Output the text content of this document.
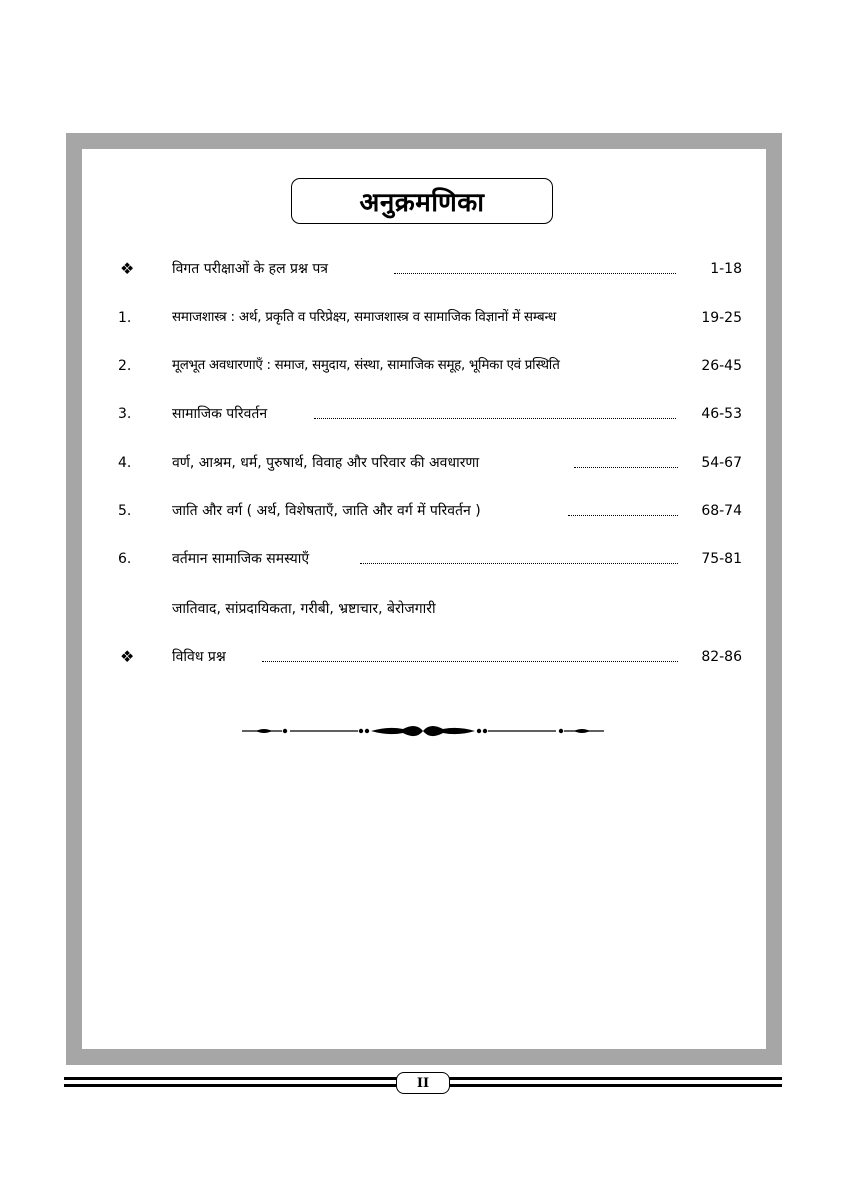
अनुक्रमणिका
❖	विगत परीक्षाओं के हल प्रश्न पत्र	1-18
1.	समाजशास्त्र : अर्थ, प्रकृति व परिप्रेक्ष्य, समाजशास्त्र व सामाजिक विज्ञानों में सम्बन्ध	19-25
2.	मूलभूत अवधारणाएँ : समाज, समुदाय, संस्था, सामाजिक समूह, भूमिका एवं प्रस्थिति	26-45
3.	सामाजिक परिवर्तन	46-53
4.	वर्ण, आश्रम, धर्म, पुरुषार्थ, विवाह और परिवार की अवधारणा	54-67
5.	जाति और वर्ग ( अर्थ, विशेषताएँ, जाति और वर्ग में परिवर्तन )	68-74
6.	वर्तमान सामाजिक समस्याएँ	75-81
जातिवाद, सांप्रदायिकता, गरीबी, भ्रष्टाचार, बेरोजगारी
❖	विविध प्रश्न	82-86
II
